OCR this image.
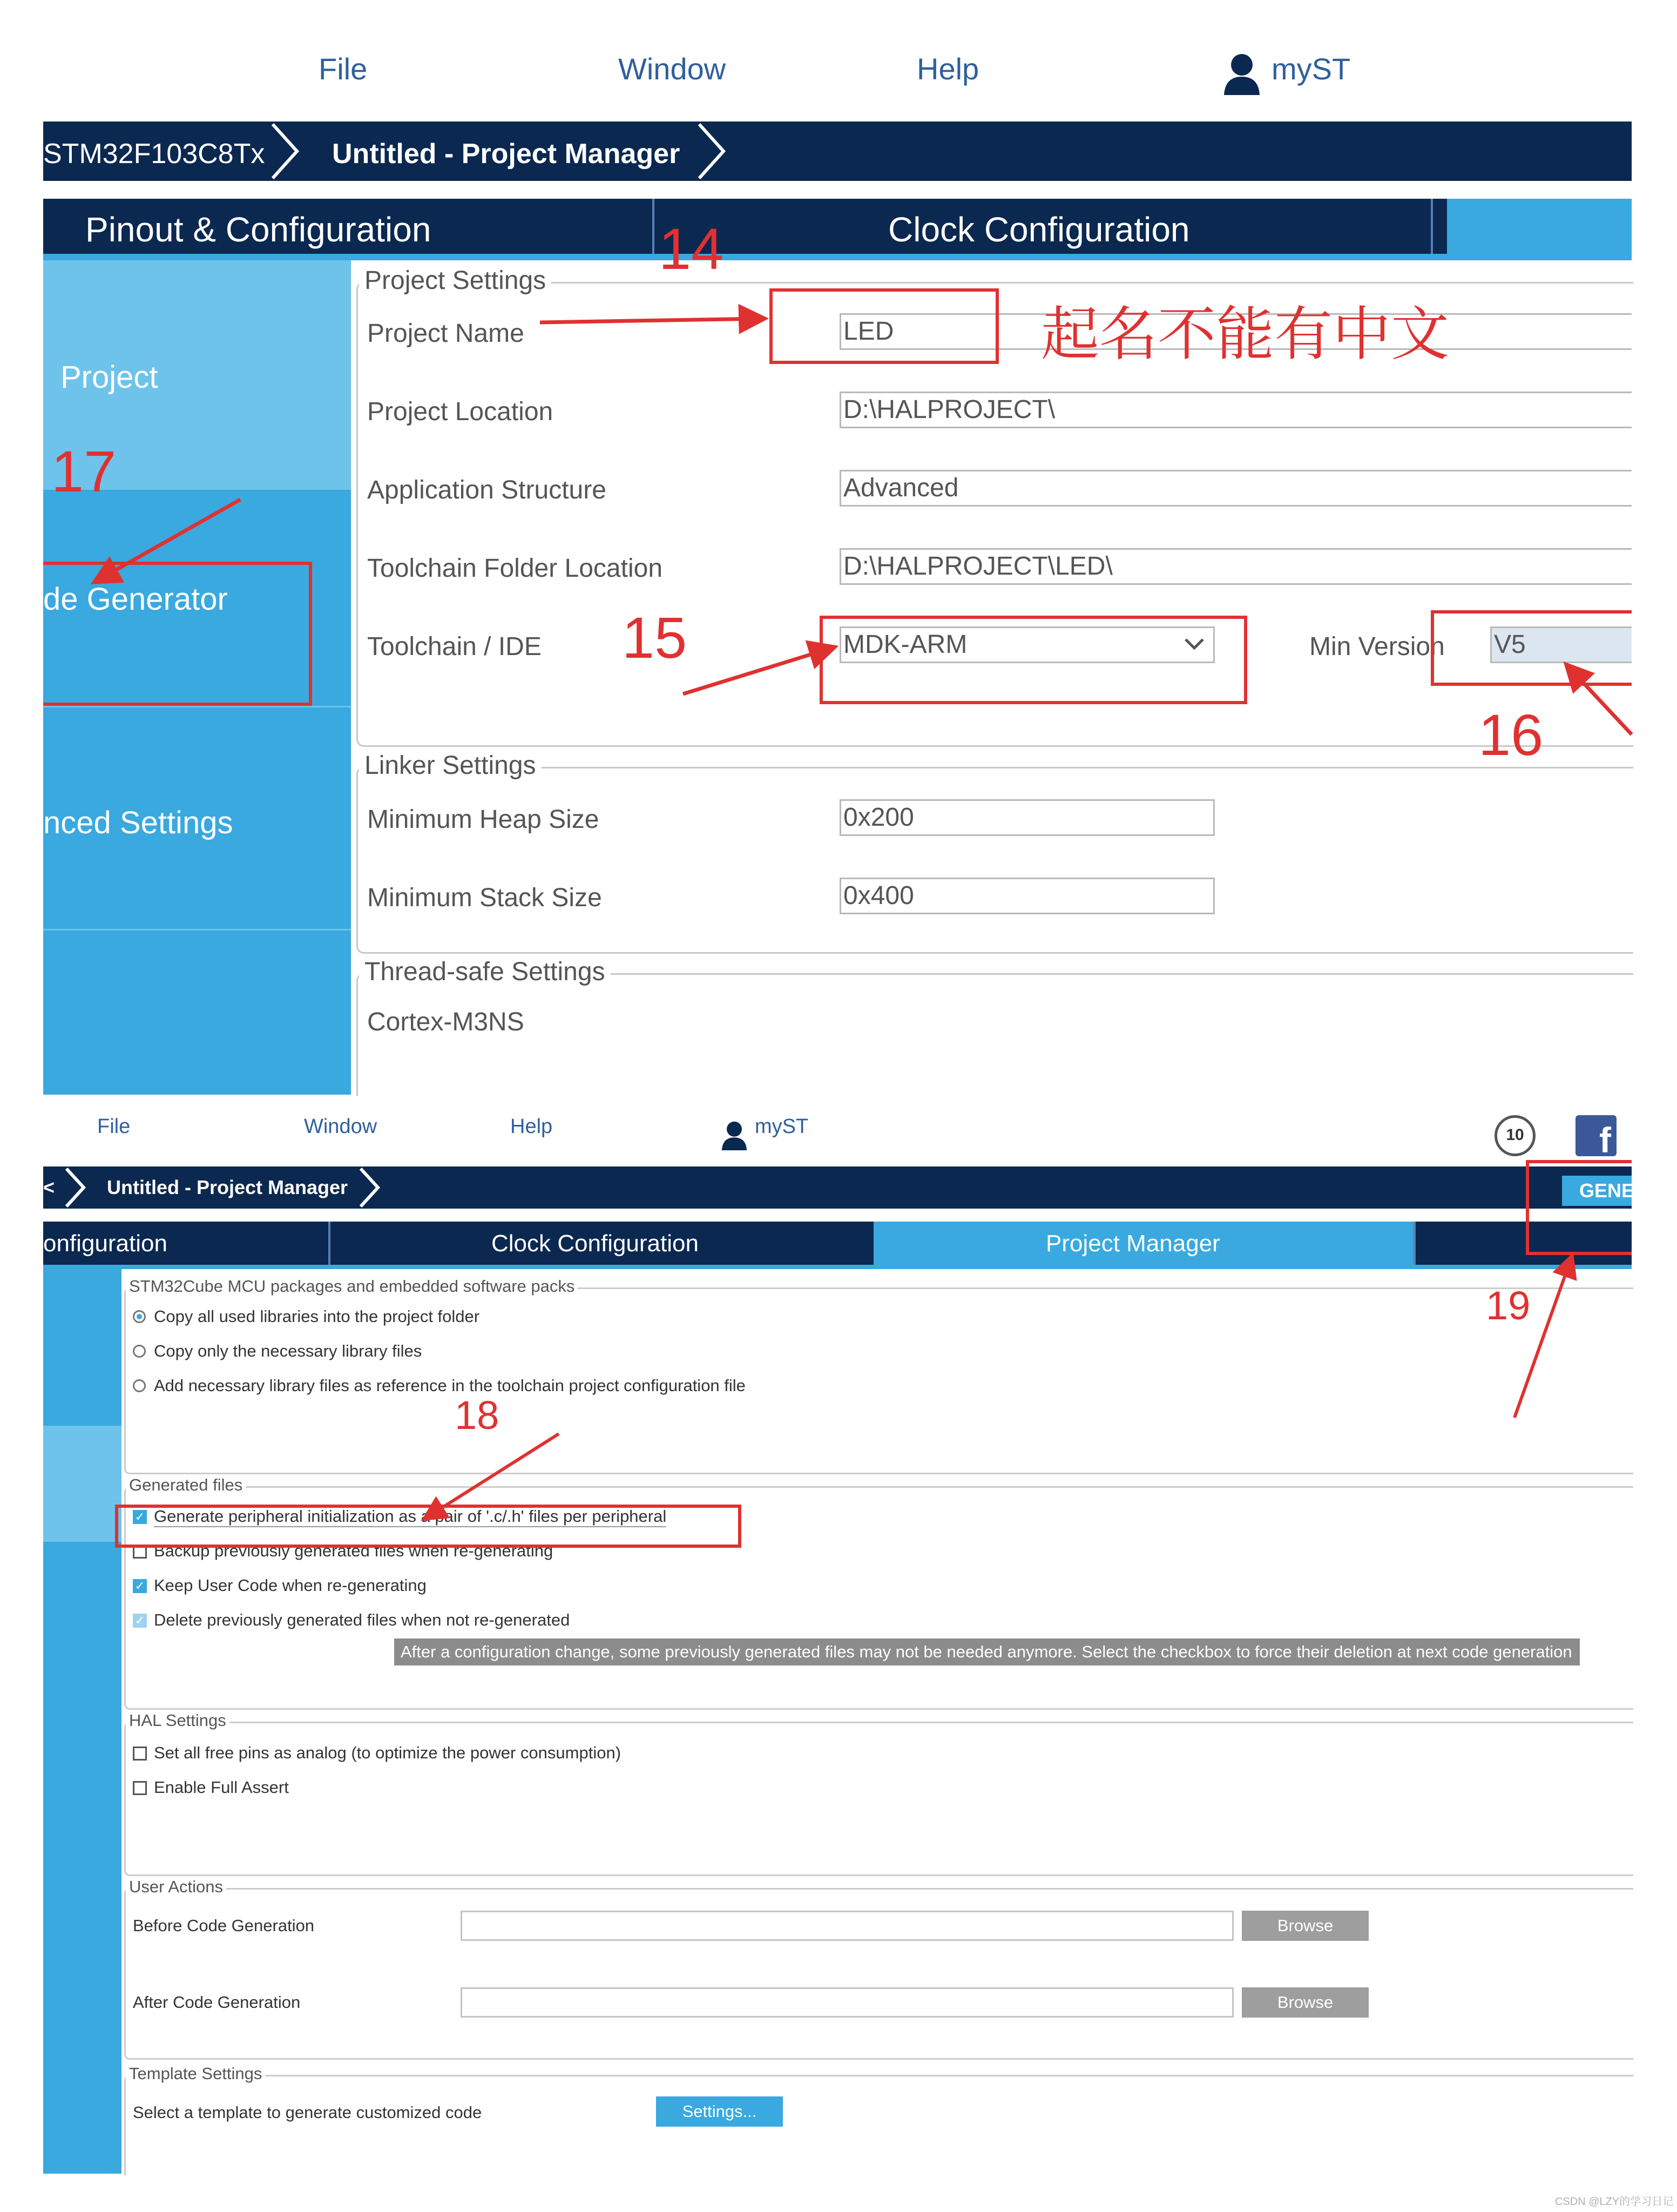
File	Window	Help	myST
STM32F103C8Tx Untitled - Project Manager
Pinout & Configuration	Clock Configuration
Project
de Generator
nced Settings
Project Settings
Project Name	LED
Project Location	D:\HALPROJECT\
Application Structure	Advanced
Toolchain Folder Location	D:\HALPROJECT\LED\
Toolchain / IDE	MDK-ARM	Min Version V5
Linker Settings
Minimum Heap Size	0x200
Minimum Stack Size	0x400
Thread-safe Settings
Cortex-M3NS
14
15
16
17
起名不能有中文
File	Window	Help	myST	10	f
<	Untitled - Project Manager	GENE
onfiguration	Clock Configuration	Project Manager
STM32Cube MCU packages and embedded software packs
Copy all used libraries into the project folder
Copy only the necessary library files
Add necessary library files as reference in the toolchain project configuration file
Generated files
✓ Generate peripheral initialization as a pair of '.c/.h' files per peripheral
Backup previously generated files when re-generating
✓ Keep User Code when re-generating
✓ Delete previously generated files when not re-generated
After a configuration change, some previously generated files may not be needed anymore. Select the checkbox to force their deletion at next code generation
HAL Settings
Set all free pins as analog (to optimize the power consumption)
Enable Full Assert
User Actions
Before Code Generation	Browse
After Code Generation	Browse
Template Settings
Select a template to generate customized code	Settings...
18
19
CSDN @LZY的学习日记
